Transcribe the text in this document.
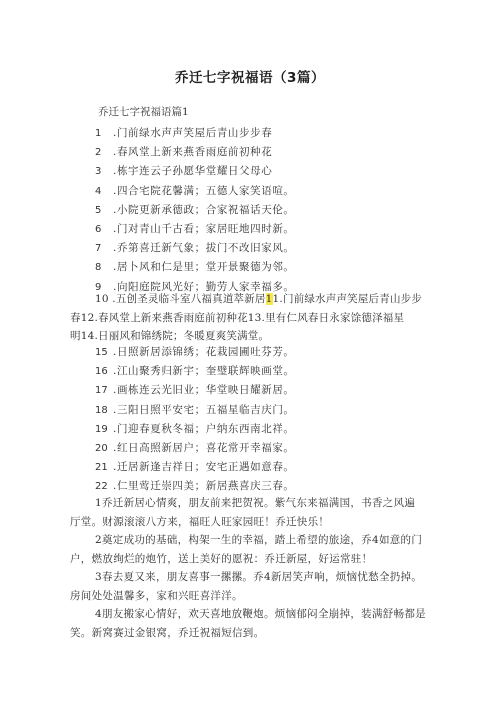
乔迁七字祝福语（3篇）
乔迁七字祝福语篇1
1 .门前绿水声声笑屋后青山步步春
2 .春风堂上新来燕香雨庭前初种花
3 .栋宇连云子孙愿华堂耀日父母心
4 .四合宅院花馨满；五德人家笑语喧。
5 .小院更新承德政；合家祝福话天伦。
6 .门对青山千古看；家居旺地四时新。
7 .乔第喜迁新气象；拔门不改旧家风。
8 .居卜风和仁是里；堂开景聚德为邻。
9 .向阳庭院风光好；勤劳人家幸福多。
10 .五创圣灵临斗室八福真道萃新居11.门前绿水声声笑屋后青山步步
春12.春风堂上新来燕香雨庭前初种花13.里有仁风春日永家馀德泽福星
明14.日丽风和锦绣院；冬暖夏爽笑满堂。
15 .日照新居添锦绣；花栽园圃吐芬芳。
16 .江山聚秀归新宇；奎璧联辉映画堂。
17 .画栋连云光旧业；华堂映日耀新居。
18 .三阳日照平安宅；五福星临吉庆门。
19 .门迎春夏秋冬福；户纳东西南北祥。
20 .红日高照新居户；喜花常开幸福家。
21 .迁居新逢吉祥日；安宅正遇如意春。
22 .仁里莺迁崇四美；新居燕喜庆三春。
1乔迁新居心情爽，朋友前来把贺祝。紫气东来福满国，书香之风遍
厅堂。财源滚滚八方来，福旺人旺家园旺！乔迁快乐！
2奠定成功的基础，构架一生的幸福，踏上希望的旅途，乔4如意的门
户，燃放绚烂的炮竹，送上美好的愿祝：乔迁新屋，好运常驻！
3春去夏又来，朋友喜事一摞摞。乔4新居笑声响，烦恼忧愁全扔掉。
房间处处温馨多，家和兴旺喜洋洋。
4朋友搬家心情好，欢天喜地放鞭炮。烦恼郁闷全崩掉，装满舒畅都是
笑。新窝赛过金银窝，乔迁祝福短信到。
